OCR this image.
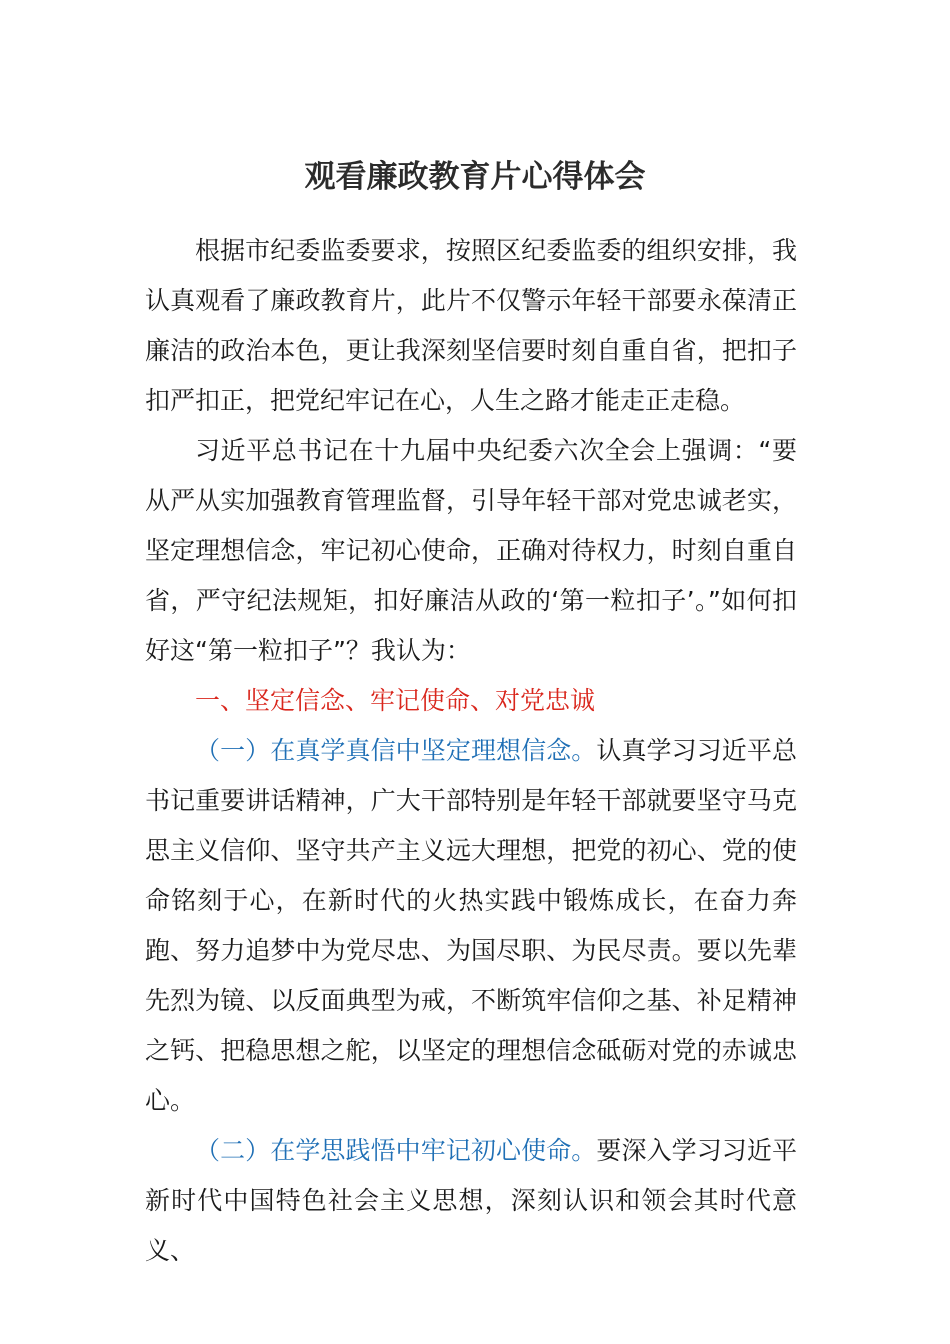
观看廉政教育片心得体会

根据市纪委监委要求，按照区纪委监委的组织安排，我认真观看了廉政教育片，此片不仅警示年轻干部要永葆清正廉洁的政治本色，更让我深刻坚信要时刻自重自省，把扣子扣严扣正，把党纪牢记在心，人生之路才能走正走稳。

习近平总书记在十九届中央纪委六次全会上强调：“要从严从实加强教育管理监督，引导年轻干部对党忠诚老实，坚定理想信念，牢记初心使命，正确对待权力，时刻自重自省，严守纪法规矩，扣好廉洁从政的‘第一粒扣子’。”如何扣好这“第一粒扣子”？我认为：

一、坚定信念、牢记使命、对党忠诚

（一）在真学真信中坚定理想信念。认真学习习近平总书记重要讲话精神，广大干部特别是年轻干部就要坚守马克思主义信仰、坚守共产主义远大理想，把党的初心、党的使命铭刻于心，在新时代的火热实践中锻炼成长，在奋力奔跑、努力追梦中为党尽忠、为国尽职、为民尽责。要以先辈先烈为镜、以反面典型为戒，不断筑牢信仰之基、补足精神之钙、把稳思想之舵，以坚定的理想信念砥砺对党的赤诚忠心。

（二）在学思践悟中牢记初心使命。要深入学习习近平新时代中国特色社会主义思想，深刻认识和领会其时代意义、
